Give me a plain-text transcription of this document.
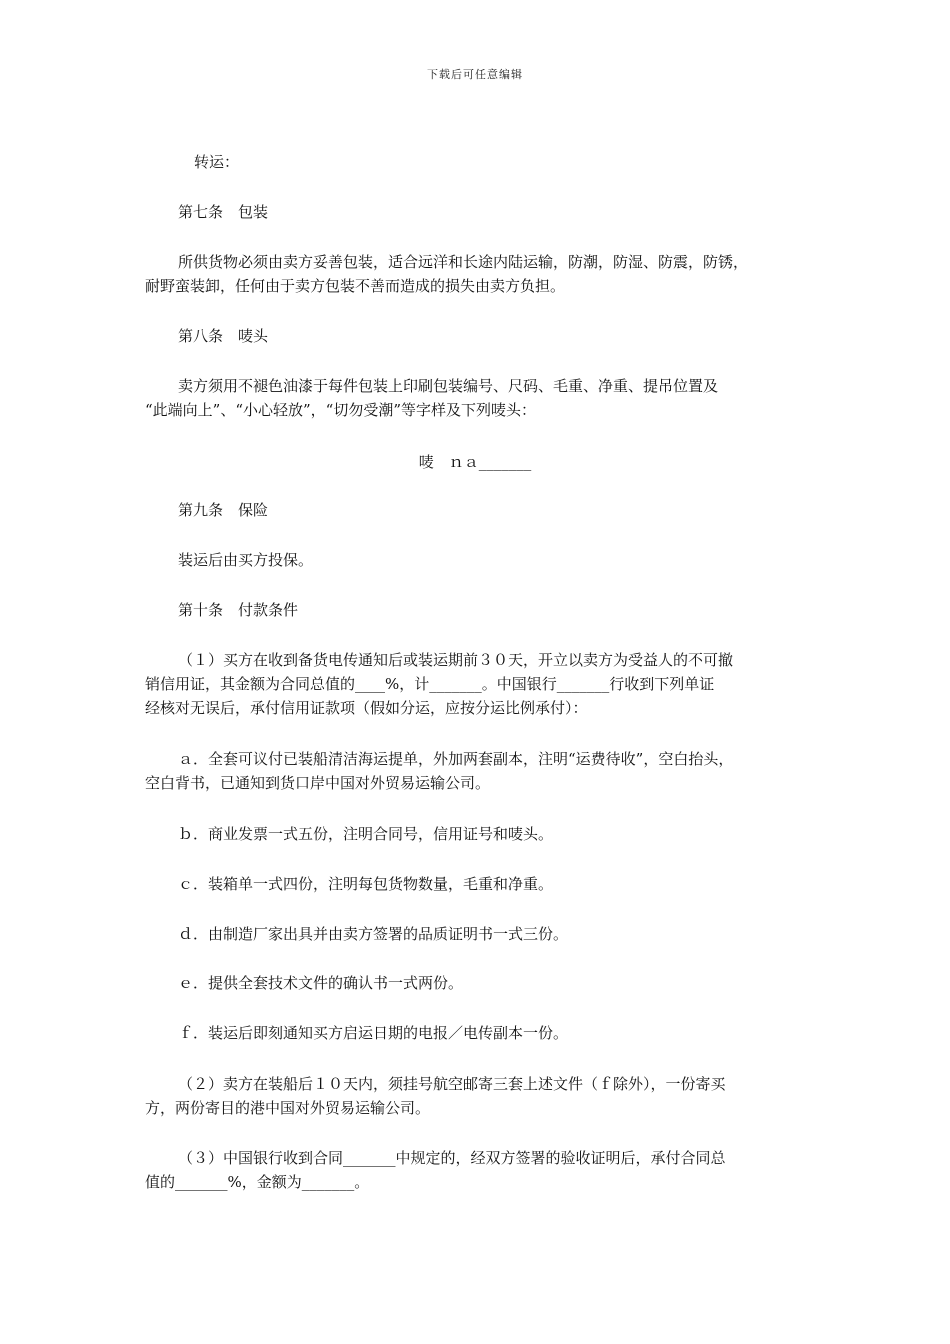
下载后可任意编辑
转运：
第七条　包装
所供货物必须由卖方妥善包装，适合远洋和长途内陆运输，防潮，防湿、防震，防锈，
耐野蛮装卸，任何由于卖方包装不善而造成的损失由卖方负担。
第八条　唛头
卖方须用不褪色油漆于每件包装上印刷包装编号、尺码、毛重、净重、提吊位置及
“此端向上”、“小心轻放”，“切勿受潮”等字样及下列唛头：
唛　ｎａ_______
第九条　保险
装运后由买方投保。
第十条　付款条件
（１）买方在收到备货电传通知后或装运期前３０天，开立以卖方为受益人的不可撤
销信用证，其金额为合同总值的____%，计_______。中国银行_______行收到下列单证
经核对无误后，承付信用证款项（假如分运，应按分运比例承付）：
ａ．全套可议付已装船清洁海运提单，外加两套副本，注明“运费待收”，空白抬头，
空白背书，已通知到货口岸中国对外贸易运输公司。
ｂ．商业发票一式五份，注明合同号，信用证号和唛头。
ｃ．装箱单一式四份，注明每包货物数量，毛重和净重。
ｄ．由制造厂家出具并由卖方签署的品质证明书一式三份。
ｅ．提供全套技术文件的确认书一式两份。
ｆ．装运后即刻通知买方启运日期的电报／电传副本一份。
（２）卖方在装船后１０天内，须挂号航空邮寄三套上述文件（ｆ除外），一份寄买
方，两份寄目的港中国对外贸易运输公司。
（３）中国银行收到合同_______中规定的，经双方签署的验收证明后，承付合同总
值的_______%，金额为_______。
